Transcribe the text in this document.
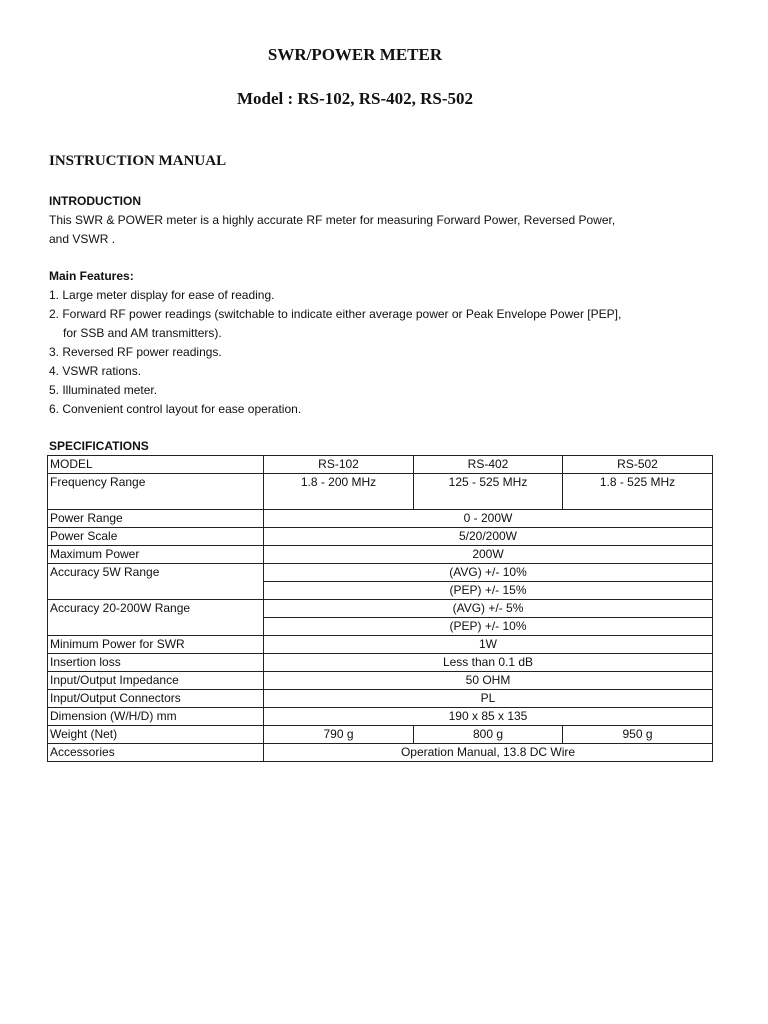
SWR/POWER METER
Model : RS-102, RS-402, RS-502
INSTRUCTION MANUAL
INTRODUCTION
This SWR & POWER meter is a highly accurate RF meter for measuring Forward Power, Reversed Power,
and VSWR .
Main Features:
1. Large meter display for ease of reading.
2. Forward RF power readings (switchable to indicate either average power or Peak Envelope Power [PEP],
for SSB and AM transmitters).
3. Reversed RF power readings.
4. VSWR rations.
5. Illuminated meter.
6. Convenient control layout for ease operation.
SPECIFICATIONS
MODEL	RS-102	RS-402	RS-502
Frequency Range	1.8 - 200 MHz	125 - 525 MHz	1.8 - 525 MHz
Power Range	0 - 200W		
Power Scale	5/20/200W		
Maximum Power	200W		
Accuracy 5W Range	(AVG) +/- 10%		
	(PEP) +/- 15%		
Accuracy 20-200W Range	(AVG) +/- 5%		
	(PEP) +/- 10%		
Minimum Power for SWR	1W		
Insertion loss	Less than 0.1 dB		
Input/Output Impedance	50 OHM		
Input/Output Connectors	PL		
Dimension (W/H/D) mm	190 x 85 x 135		
Weight (Net)	790 g	800 g	950 g
Accessories	Operation Manual, 13.8 DC Wire		
